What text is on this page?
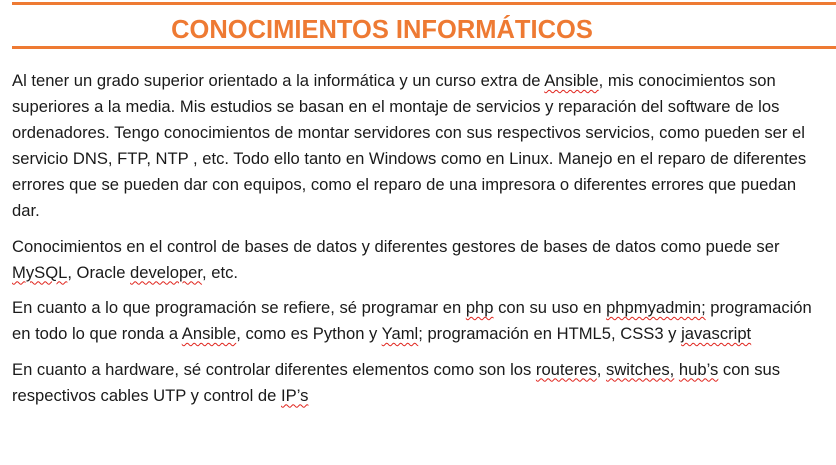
CONOCIMIENTOS INFORMÁTICOS

Al tener un grado superior orientado a la informática y un curso extra de Ansible, mis conocimientos son superiores a la media. Mis estudios se basan en el montaje de servicios y reparación del software de los ordenadores. Tengo conocimientos de montar servidores con sus respectivos servicios, como pueden ser el servicio DNS, FTP, NTP , etc. Todo ello tanto en Windows como en Linux. Manejo en el reparo de diferentes errores que se pueden dar con equipos, como el reparo de una impresora o diferentes errores que puedan dar.

Conocimientos en el control de bases de datos y diferentes gestores de bases de datos como puede ser MySQL, Oracle developer, etc.

En cuanto a lo que programación se refiere, sé programar en php con su uso en phpmyadmin; programación en todo lo que ronda a Ansible, como es Python y Yaml; programación en HTML5, CSS3 y javascript

En cuanto a hardware, sé controlar diferentes elementos como son los routeres, switches, hub’s con sus respectivos cables UTP y control de IP’s
